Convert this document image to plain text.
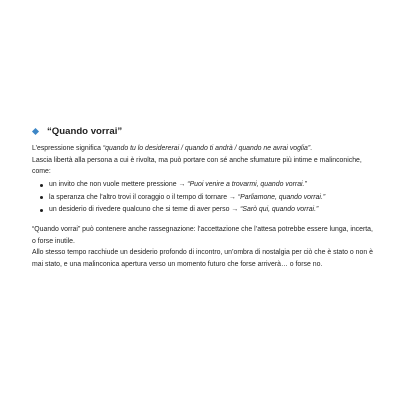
“Quando vorrai”

L’espressione significa “quando tu lo desidererai / quando ti andrà / quando ne avrai voglia”.

Lascia libertà alla persona a cui è rivolta, ma può portare con sé anche sfumature più intime e malinconiche, come:

un invito che non vuole mettere pressione → “Puoi venire a trovarmi, quando vorrai.”
la speranza che l’altro trovi il coraggio o il tempo di tornare → “Parliamone, quando vorrai.”
un desiderio di rivedere qualcuno che si teme di aver perso → “Sarò qui, quando vorrai.”

“Quando vorrai” può contenere anche rassegnazione: l’accettazione che l’attesa potrebbe essere lunga, incerta, o forse inutile.

Allo stesso tempo racchiude un desiderio profondo di incontro, un’ombra di nostalgia per ciò che è stato o non è mai stato, e una malinconica apertura verso un momento futuro che forse arriverà… o forse no.
